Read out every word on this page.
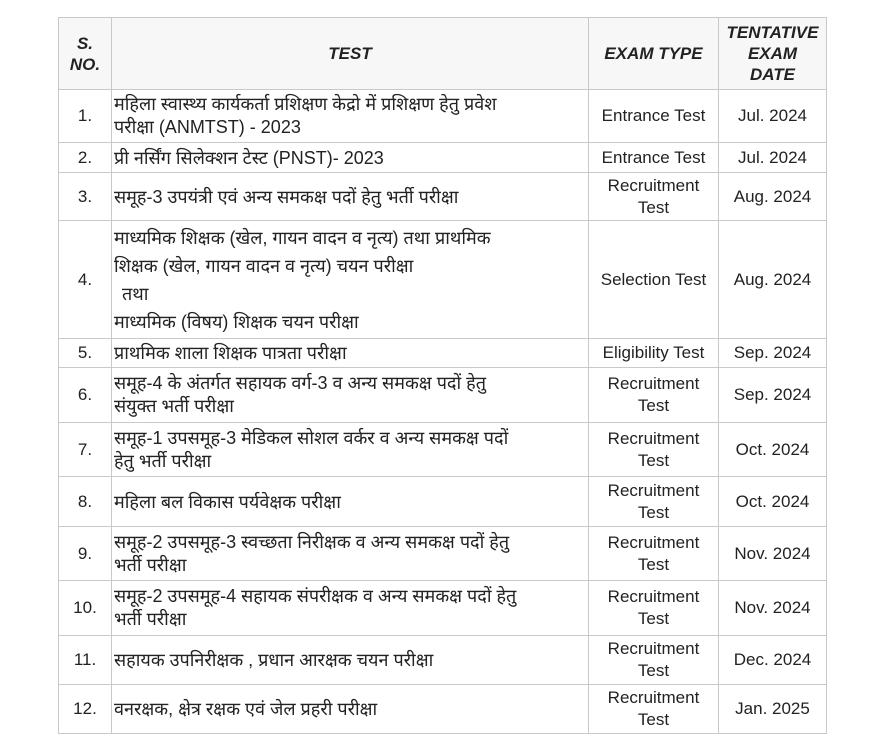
S.
NO.	TEST	EXAM TYPE	TENTATIVE
EXAM
DATE

1.	महिला स्वास्थ्य कार्यकर्ता प्रशिक्षण केद्रो में प्रशिक्षण हेतु प्रवेश
परीक्षा (ANMTST) - 2023	Entrance Test	Jul. 2024
2.	प्री नर्सिंग सिलेक्शन टेस्ट (PNST)- 2023	Entrance Test	Jul. 2024
3.	समूह-3 उपयंत्री एवं अन्य समकक्ष पदों हेतु भर्ती परीक्षा	Recruitment
Test	Aug. 2024
4.	माध्यमिक शिक्षक (खेल, गायन वादन व नृत्य) तथा प्राथमिक
शिक्षक (खेल, गायन वादन व नृत्य) चयन परीक्षा
तथा
माध्यमिक (विषय) शिक्षक चयन परीक्षा	Selection Test	Aug. 2024
5.	प्राथमिक शाला शिक्षक पात्रता परीक्षा	Eligibility Test	Sep. 2024
6.	समूह-4 के अंतर्गत सहायक वर्ग-3 व अन्य समकक्ष पदों हेतु
संयुक्त भर्ती परीक्षा	Recruitment
Test	Sep. 2024
7.	समूह-1 उपसमूह-3 मेडिकल सोशल वर्कर व अन्य समकक्ष पदों
हेतु भर्ती परीक्षा	Recruitment
Test	Oct. 2024
8.	महिला बल विकास पर्यवेक्षक परीक्षा	Recruitment
Test	Oct. 2024
9.	समूह-2 उपसमूह-3 स्वच्छता निरीक्षक व अन्य समकक्ष पदों हेतु
भर्ती परीक्षा	Recruitment
Test	Nov. 2024
10.	समूह-2 उपसमूह-4 सहायक संपरीक्षक व अन्य समकक्ष पदों हेतु
भर्ती परीक्षा	Recruitment
Test	Nov. 2024
11.	सहायक उपनिरीक्षक , प्रधान आरक्षक चयन परीक्षा	Recruitment
Test	Dec. 2024
12.	वनरक्षक, क्षेत्र रक्षक एवं जेल प्रहरी परीक्षा	Recruitment
Test	Jan. 2025
